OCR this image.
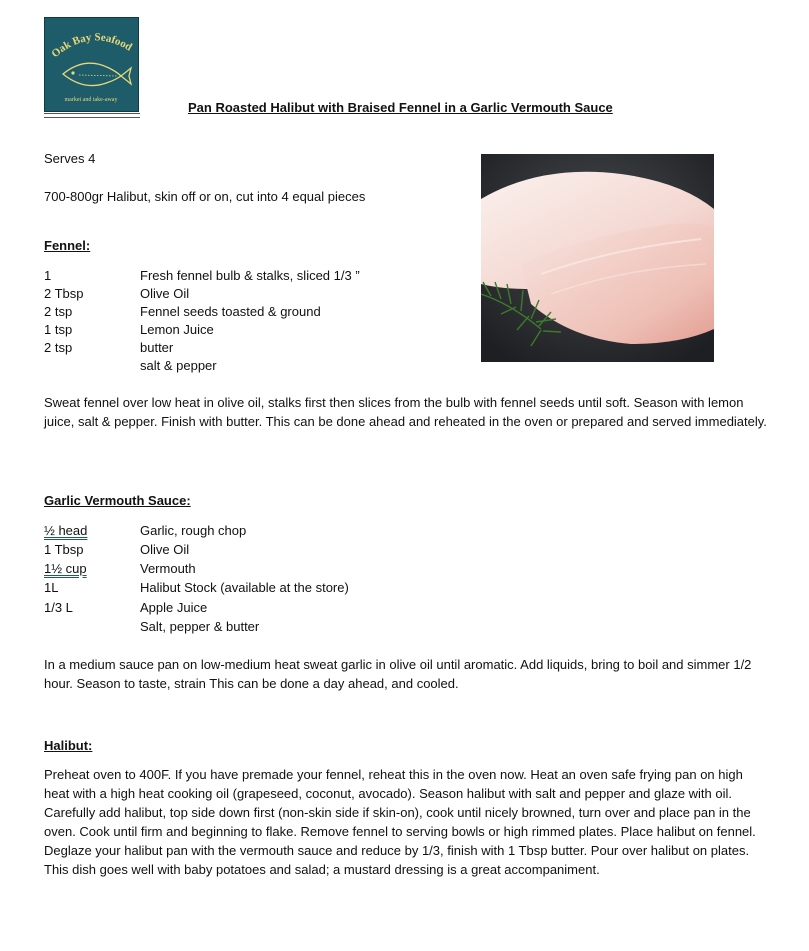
Oak Bay Seafood
market and take-away	Pan Roasted Halibut with Braised Fennel in a Garlic Vermouth Sauce
Serves 4
700-800gr Halibut, skin off or on, cut into 4 equal pieces
Fennel:
1	Fresh fennel bulb & stalks, sliced 1/3 ”
2 Tbsp	Olive Oil
2 tsp	Fennel seeds toasted & ground
1 tsp	Lemon Juice
2 tsp	butter
salt & pepper
Sweat fennel over low heat in olive oil, stalks first then slices from the bulb with fennel seeds until soft. Season with lemon juice, salt & pepper. Finish with butter. This can be done ahead and reheated in the oven or prepared and served immediately.
Garlic Vermouth Sauce:
½ head	Garlic, rough chop
1 Tbsp	Olive Oil
1½ cup	Vermouth
1L	Halibut Stock (available at the store)
1/3 L	Apple Juice
Salt, pepper & butter
In a medium sauce pan on low-medium heat sweat garlic in olive oil until aromatic. Add liquids, bring to boil and simmer 1/2 hour. Season to taste, strain This can be done a day ahead, and cooled.
Halibut:
Preheat oven to 400F. If you have premade your fennel, reheat this in the oven now. Heat an oven safe frying pan on high heat with a high heat cooking oil (grapeseed, coconut, avocado). Season halibut with salt and pepper and glaze with oil. Carefully add halibut, top side down first (non-skin side if skin-on), cook until nicely browned, turn over and place pan in the oven. Cook until firm and beginning to flake. Remove fennel to serving bowls or high rimmed plates. Place halibut on fennel. Deglaze your halibut pan with the vermouth sauce and reduce by 1/3, finish with 1 Tbsp butter. Pour over halibut on plates. This dish goes well with baby potatoes and salad; a mustard dressing is a great accompaniment.
